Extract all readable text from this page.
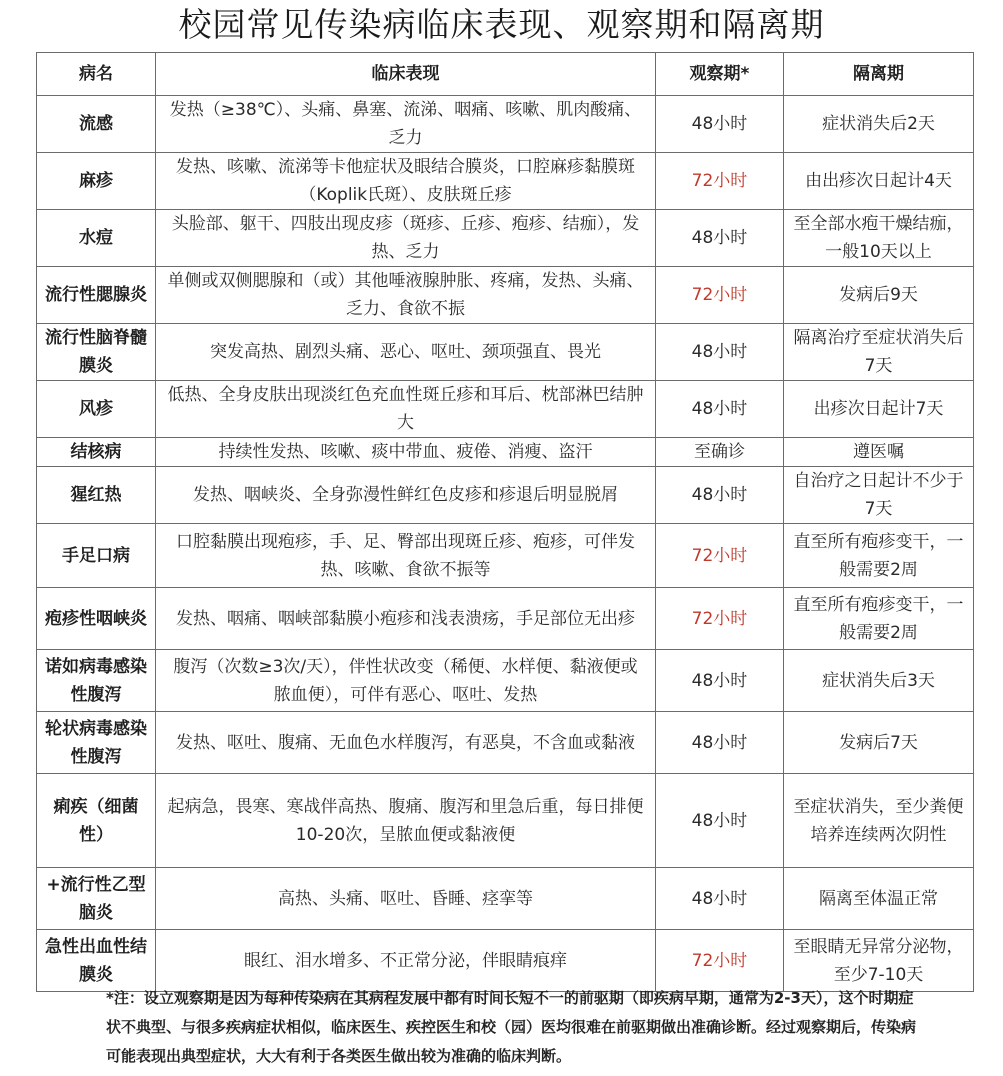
校园常见传染病临床表现、观察期和隔离期
病名	临床表现	观察期*	隔离期
流感	发热（≥38℃）、头痛、鼻塞、流涕、咽痛、咳嗽、肌肉酸痛、乏力	48小时	症状消失后2天
麻疹	发热、咳嗽、流涕等卡他症状及眼结合膜炎，口腔麻疹黏膜斑（Koplik氏斑）、皮肤斑丘疹	72小时	由出疹次日起计4天
水痘	头脸部、躯干、四肢出现皮疹（斑疹、丘疹、疱疹、结痂），发热、乏力	48小时	至全部水疱干燥结痂，一般10天以上
流行性腮腺炎	单侧或双侧腮腺和（或）其他唾液腺肿胀、疼痛，发热、头痛、乏力、食欲不振	72小时	发病后9天
流行性脑脊髓膜炎	突发高热、剧烈头痛、恶心、呕吐、颈项强直、畏光	48小时	隔离治疗至症状消失后7天
风疹	低热、全身皮肤出现淡红色充血性斑丘疹和耳后、枕部淋巴结肿大	48小时	出疹次日起计7天
结核病	持续性发热、咳嗽、痰中带血、疲倦、消瘦、盗汗	至确诊	遵医嘱
猩红热	发热、咽峡炎、全身弥漫性鲜红色皮疹和疹退后明显脱屑	48小时	自治疗之日起计不少于7天
手足口病	口腔黏膜出现疱疹，手、足、臀部出现斑丘疹、疱疹，可伴发热、咳嗽、食欲不振等	72小时	直至所有疱疹变干，一般需要2周
疱疹性咽峡炎	发热、咽痛、咽峡部黏膜小疱疹和浅表溃疡，手足部位无出疹	72小时	直至所有疱疹变干，一般需要2周
诺如病毒感染性腹泻	腹泻（次数≥3次/天），伴性状改变（稀便、水样便、黏液便或脓血便），可伴有恶心、呕吐、发热	48小时	症状消失后3天
轮状病毒感染性腹泻	发热、呕吐、腹痛、无血色水样腹泻，有恶臭，不含血或黏液	48小时	发病后7天
痢疾（细菌性）	起病急，畏寒、寒战伴高热、腹痛、腹泻和里急后重，每日排便10-20次，呈脓血便或黏液便	48小时	至症状消失，至少粪便培养连续两次阴性
+流行性乙型脑炎	高热、头痛、呕吐、昏睡、痉挛等	48小时	隔离至体温正常
急性出血性结膜炎	眼红、泪水增多、不正常分泌，伴眼睛痕痒	72小时	至眼睛无异常分泌物，至少7-10天
*注：设立观察期是因为每种传染病在其病程发展中都有时间长短不一的前驱期（即疾病早期，通常为2-3天），这个时期症状不典型、与很多疾病症状相似，临床医生、疾控医生和校（园）医均很难在前驱期做出准确诊断。经过观察期后，传染病可能表现出典型症状，大大有利于各类医生做出较为准确的临床判断。
